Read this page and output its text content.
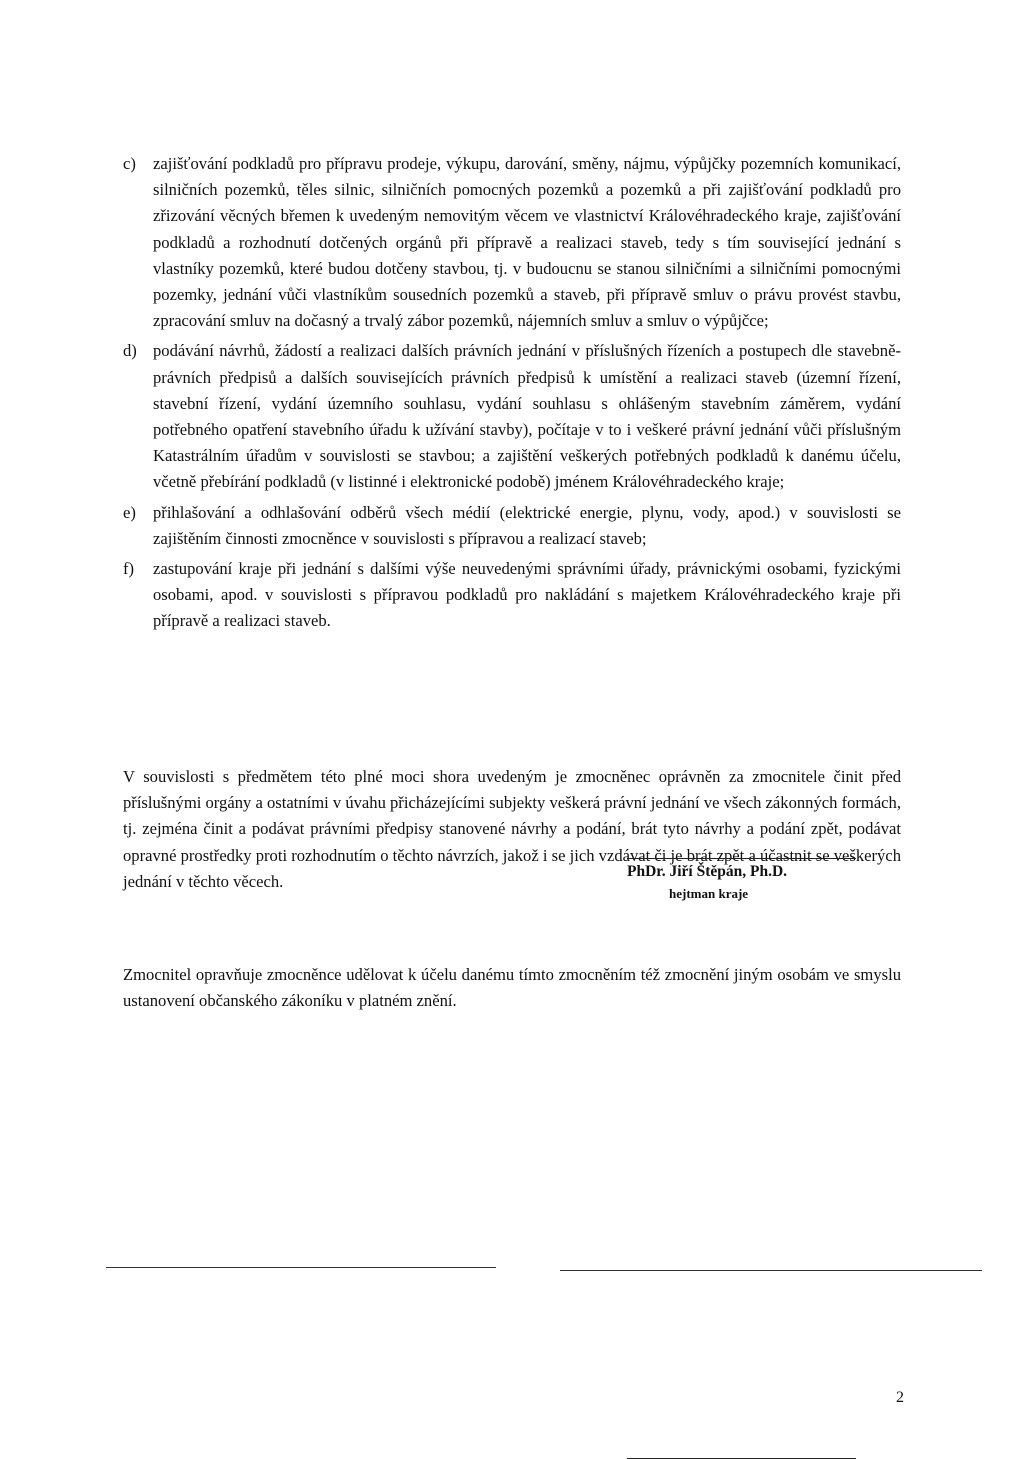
c)	zajišťování podkladů pro přípravu prodeje, výkupu, darování, směny, nájmu, výpůjčky pozemních komunikací, silničních pozemků, těles silnic, silničních pomocných pozemků a pozemků a při zajišťování podkladů pro zřizování věcných břemen k uvedeným nemovitým věcem ve vlastnictví Královéhradeckého kraje, zajišťování podkladů a rozhodnutí dotčených orgánů při přípravě a realizaci staveb, tedy s tím související jednání s vlastníky pozemků, které budou dotčeny stavbou, tj. v budoucnu se stanou silničními a silničními pomocnými pozemky, jednání vůči vlastníkům sousedních pozemků a staveb, při přípravě smluv o právu provést stavbu, zpracování smluv na dočasný a trvalý zábor pozemků, nájemních smluv a smluv o výpůjčce;

d) podávání návrhů, žádostí a realizaci dalších právních jednání v příslušných řízeních a postupech dle stavebně-právních předpisů a dalších souvisejících právních předpisů k umístění a realizaci staveb (územní řízení, stavební řízení, vydání územního souhlasu, vydání souhlasu s ohlášeným stavebním záměrem, vydání potřebného opatření stavebního úřadu k užívání stavby), počítaje v to i veškeré právní jednání vůči příslušným Katastrálním úřadům v souvislosti se stavbou; a zajištění veškerých potřebných podkladů k danému účelu, včetně přebírání podkladů (v listinné i elektronické podobě) jménem Královéhradeckého kraje;

e)	přihlašování a odhlašování odběrů všech médií (elektrické energie, plynu, vody, apod.) v souvislosti se zajištěním činnosti zmocněnce v souvislosti s přípravou a realizací staveb;

f)	zastupování kraje při jednání s dalšími výše neuvedenými správními úřady, právnickými osobami, fyzickými osobami, apod. v souvislosti s přípravou podkladů pro nakládání s majetkem Královéhradeckého kraje při přípravě a realizaci staveb.

V souvislosti s předmětem této plné moci shora uvedeným je zmocněnec oprávněn za zmocnitele činit před příslušnými orgány a ostatními v úvahu přicházejícími subjekty veškerá právní jednání ve všech zákonných formách, tj. zejména činit a podávat právními předpisy stanovené návrhy a podání, brát tyto návrhy a podání zpět, podávat opravné prostředky proti rozhodnutím o těchto návrzích, jakož i se jich vzdávat či je brát zpět a účastnit se veškerých jednání v těchto věcech.

Zmocnitel opravňuje zmocněnce udělovat k účelu danému tímto zmocněním též zmocnění jiným osobám ve smyslu ustanovení občanského zákoníku v platném znění.

PhDr. Jiří Štěpán, Ph.D.
hejtman kraje
2
